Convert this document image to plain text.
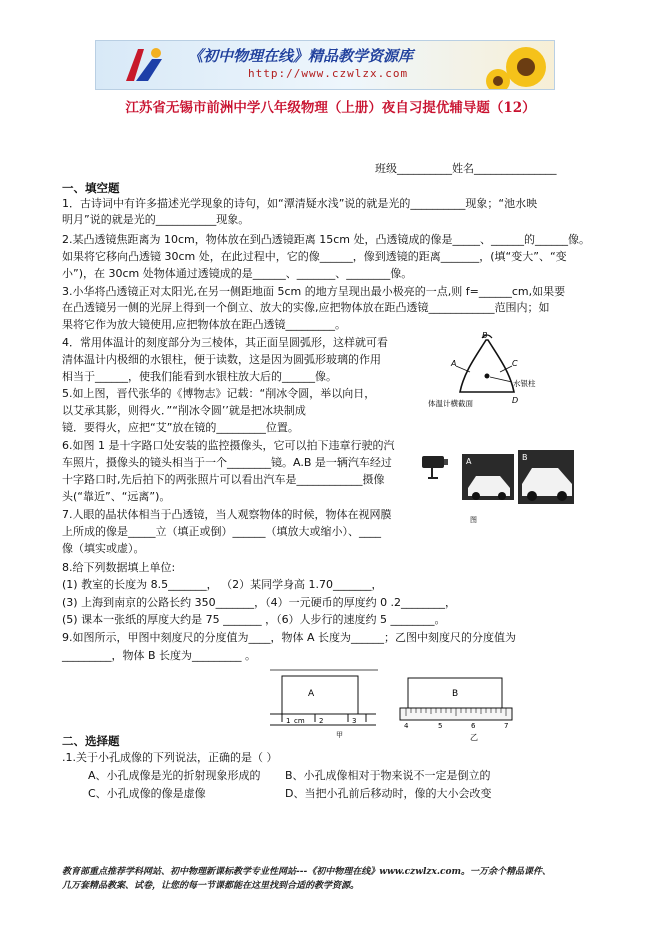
《初中物理在线》精品教学资源库
http://www.czwlzx.com
江苏省无锡市前洲中学八年级物理（上册）夜自习提优辅导题（12）
班级__________姓名_______________
一、填空题
1．古诗词中有许多描述光学现象的诗句，如“潭清疑水浅”说的就是光的__________现象；“池水映
明月”说的就是光的___________现象。
2.某凸透镜焦距离为 10cm，物体放在到凸透镜距离 15cm 处，凸透镜成的像是_____、______的______像。
如果将它移向凸透镜 30cm 处，在此过程中，它的像______，像到透镜的距离_______，(填“变大”、“变
小”)，在 30cm 处物体通过透镜成的是______、_______、________像。
3.小华将凸透镜正对太阳光,在另一侧距地面 5cm 的地方呈现出最小极亮的一点,则 f=______cm,如果要
在凸透镜另一侧的光屏上得到一个倒立、放大的实像,应把物体放在距凸透镜____________范围内；如
果将它作为放大镜使用,应把物体放在距凸透镜_________。
4．常用体温计的刻度部分为三棱体，其正面呈圆弧形，这样就可看
清体温计内极细的水银柱，便于读数，这是因为圆弧形玻璃的作用
相当于______，使我们能看到水银柱放大后的______像。
5.如上图，晋代张华的《博物志》记载：“削冰令圆，举以向日，
以艾承其影，则得火．”“削冰令圆’’就是把冰块制成
镜．要得火，应把“艾”放在镜的_________位置。
6.如图 1 是十字路口处安装的监控摄像头，它可以拍下违章行驶的汽
车照片，摄像头的镜头相当于一个________镜。A.B 是一辆汽车经过
十字路口时,先后拍下的两张照片可以看出汽车是____________摄像
头(“靠近”、“远离”)。
7.人眼的晶状体相当于凸透镜，当人观察物体的时候，物体在视网膜
上所成的像是_____立（填正或倒）______（填放大或缩小）、____
像（填实或虚）。
8.给下列数据填上单位:
(1) 教室的长度为 8.5_______， （2）某同学身高 1.70_______，
(3) 上海到南京的公路长约 350_______，（4）一元硬币的厚度约 0 .2________，
(5) 课本一张纸的厚度大约是 75 _______ ，（6）人步行的速度约 5 ________。
9.如图所示，甲图中刻度尺的分度值为____，物体 A 长度为______；乙图中刻度尺的分度值为
_________，物体 B 长度为_________ 。
A
B
C
D
水银柱
体温计横截面
A	B
图
A
1 cm 2	3
甲
B
4	5	6	7
乙
二、选择题
.1.关于小孔成像的下列说法，正确的是（ ）
A、小孔成像是光的折射现象形成的 B、小孔成像相对于物来说不一定是倒立的
C、小孔成像的像是虚像	D、当把小孔前后移动时，像的大小会改变
教育部重点推荐学科网站、初中物理新课标教学专业性网站---《初中物理在线》www.czwlzx.com。一万余个精品课件、
几万套精品教案、试卷，让您的每一节课都能在这里找到合适的教学资源。
